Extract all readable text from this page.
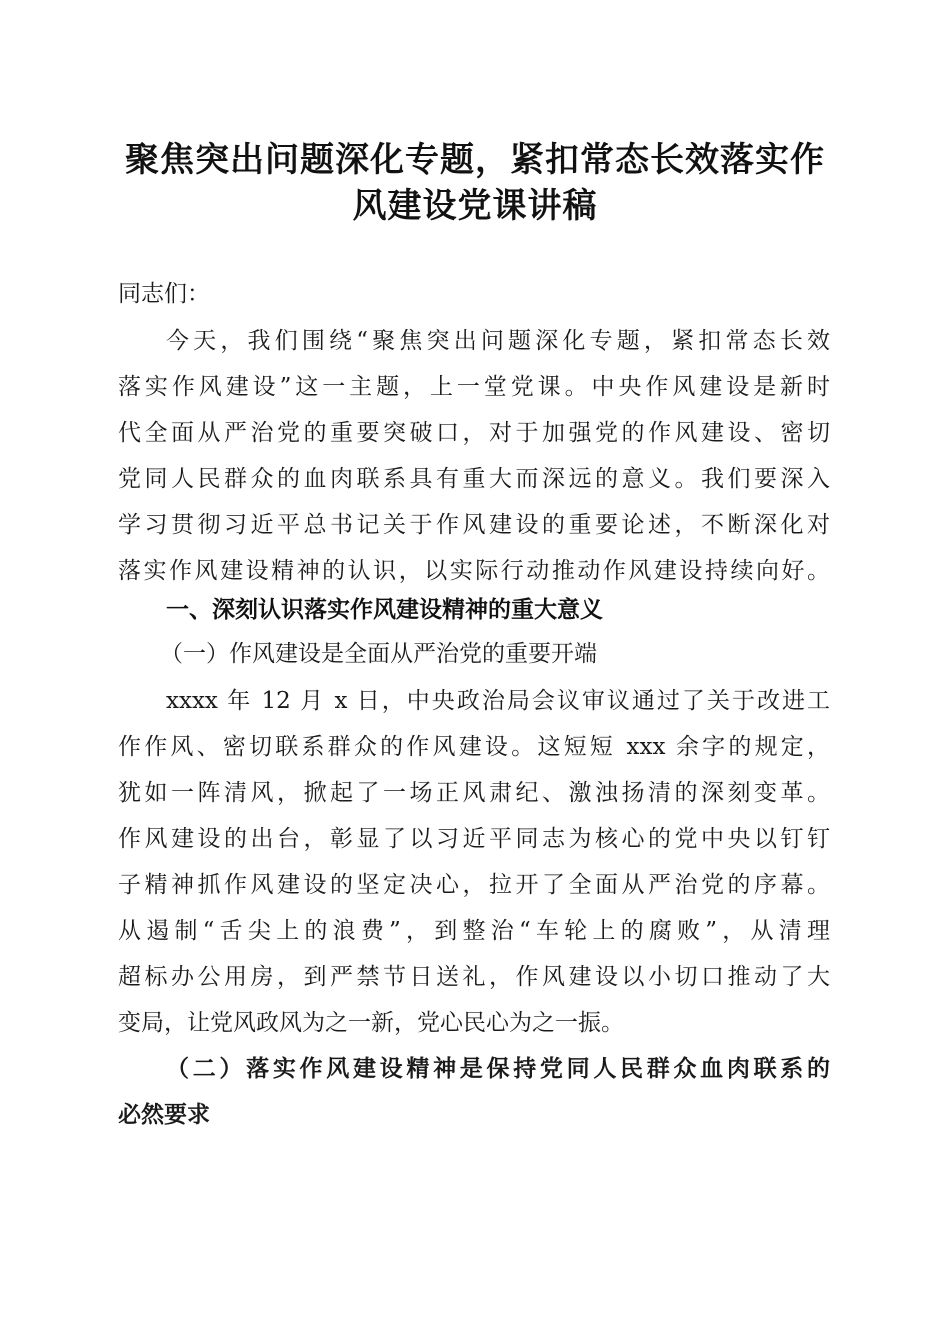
聚焦突出问题深化专题，紧扣常态长效落实作
风建设党课讲稿
同志们：
今天，我们围绕“聚焦突出问题深化专题，紧扣常态长效
落实作风建设”这一主题，上一堂党课。中央作风建设是新时
代全面从严治党的重要突破口，对于加强党的作风建设、密切
党同人民群众的血肉联系具有重大而深远的意义。我们要深入
学习贯彻习近平总书记关于作风建设的重要论述，不断深化对
落实作风建设精神的认识，以实际行动推动作风建设持续向好。
一、深刻认识落实作风建设精神的重大意义
（一）作风建设是全面从严治党的重要开端
xxxx 年 12 月 x 日，中央政治局会议审议通过了关于改进工
作作风、密切联系群众的作风建设。这短短 xxx 余字的规定，
犹如一阵清风，掀起了一场正风肃纪、激浊扬清的深刻变革。
作风建设的出台，彰显了以习近平同志为核心的党中央以钉钉
子精神抓作风建设的坚定决心，拉开了全面从严治党的序幕。
从遏制“舌尖上的浪费”，到整治“车轮上的腐败”，从清理
超标办公用房，到严禁节日送礼，作风建设以小切口推动了大
变局，让党风政风为之一新，党心民心为之一振。
（二）落实作风建设精神是保持党同人民群众血肉联系的
必然要求
